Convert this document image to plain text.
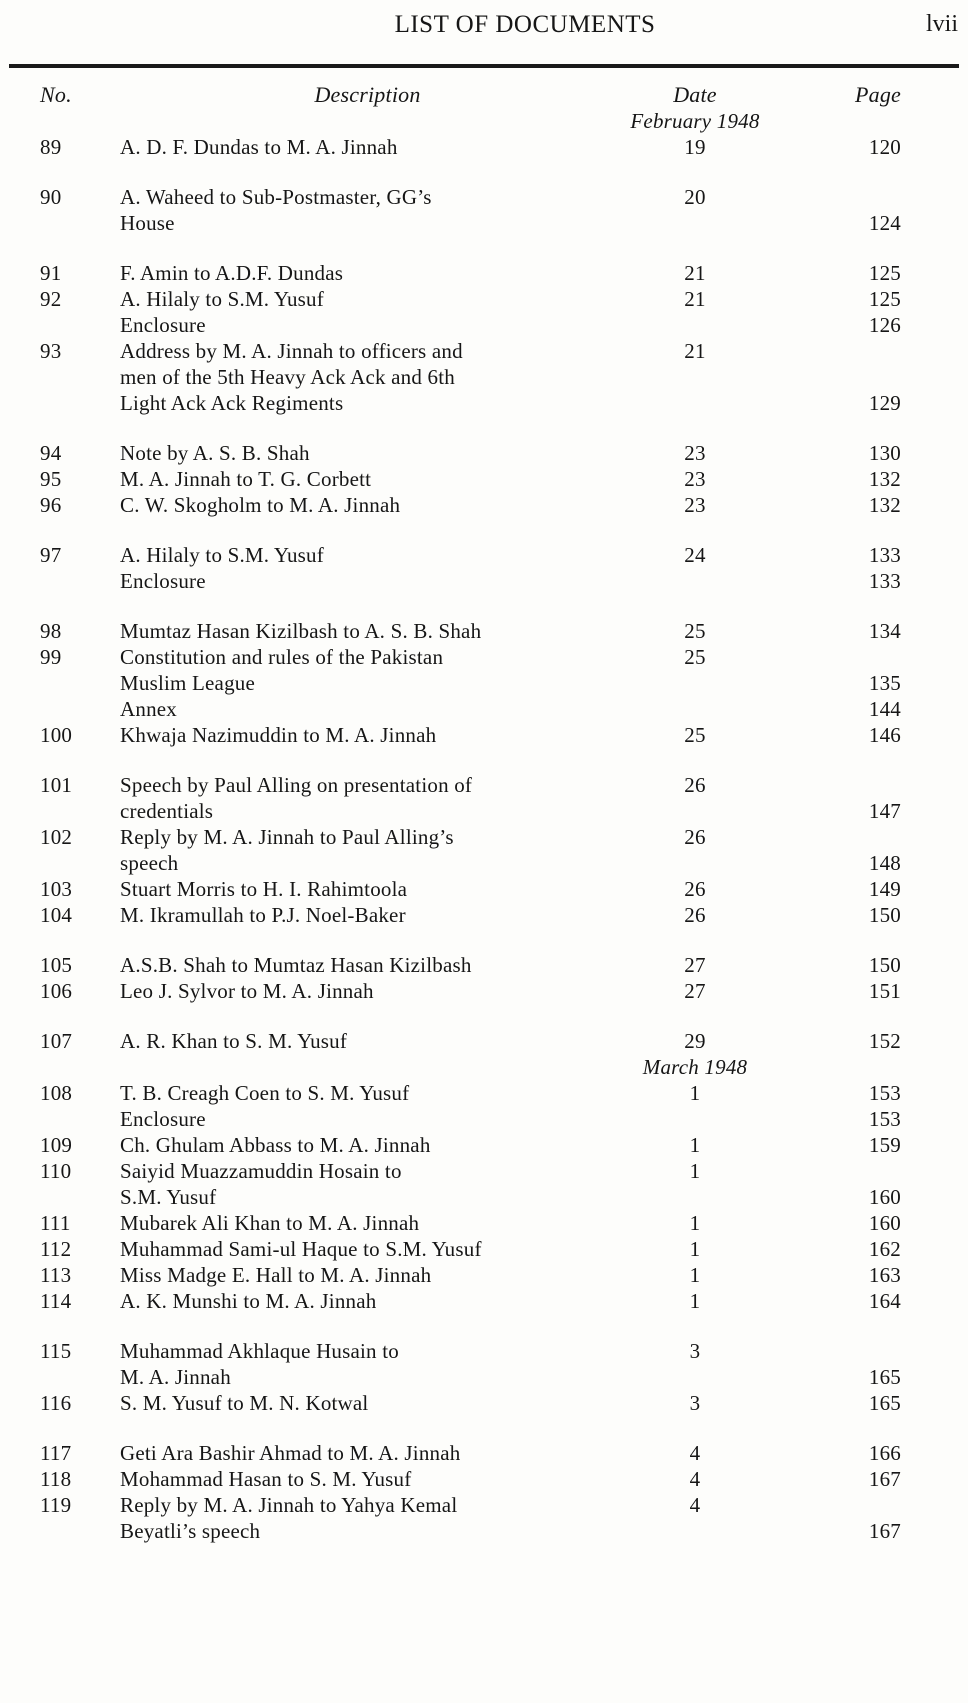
LIST OF DOCUMENTS	lvii
No.	Description	Date	Page
February 1948
89	A. D. F. Dundas to M. A. Jinnah	19	120
90	A. Waheed to Sub-Postmaster, GG’s	20
House	124
91	F. Amin to A.D.F. Dundas	21	125
92	A. Hilaly to S.M. Yusuf	21	125
Enclosure	126
93	Address by M. A. Jinnah to officers and	21
men of the 5th Heavy Ack Ack and 6th
Light Ack Ack Regiments	129
94	Note by A. S. B. Shah	23	130
95	M. A. Jinnah to T. G. Corbett	23	132
96	C. W. Skogholm to M. A. Jinnah	23	132
97	A. Hilaly to S.M. Yusuf	24	133
Enclosure	133
98	Mumtaz Hasan Kizilbash to A. S. B. Shah	25	134
99	Constitution and rules of the Pakistan	25
Muslim League	135
Annex	144
100	Khwaja Nazimuddin to M. A. Jinnah	25	146
101	Speech by Paul Alling on presentation of	26
credentials	147
102	Reply by M. A. Jinnah to Paul Alling’s	26
speech	148
103	Stuart Morris to H. I. Rahimtoola	26	149
104	M. Ikramullah to P.J. Noel-Baker	26	150
105	A.S.B. Shah to Mumtaz Hasan Kizilbash	27	150
106	Leo J. Sylvor to M. A. Jinnah	27	151
107	A. R. Khan to S. M. Yusuf	29	152
March 1948
108	T. B. Creagh Coen to S. M. Yusuf	1	153
Enclosure	153
109	Ch. Ghulam Abbass to M. A. Jinnah	1	159
110	Saiyid Muazzamuddin Hosain to	1
S.M. Yusuf	160
111	Mubarek Ali Khan to M. A. Jinnah	1	160
112	Muhammad Sami-ul Haque to S.M. Yusuf	1	162
113	Miss Madge E. Hall to M. A. Jinnah	1	163
114	A. K. Munshi to M. A. Jinnah	1	164
115	Muhammad Akhlaque Husain to	3
M. A. Jinnah	165
116	S. M. Yusuf to M. N. Kotwal	3	165
117	Geti Ara Bashir Ahmad to M. A. Jinnah	4	166
118	Mohammad Hasan to S. M. Yusuf	4	167
119	Reply by M. A. Jinnah to Yahya Kemal	4
Beyatli’s speech	167
